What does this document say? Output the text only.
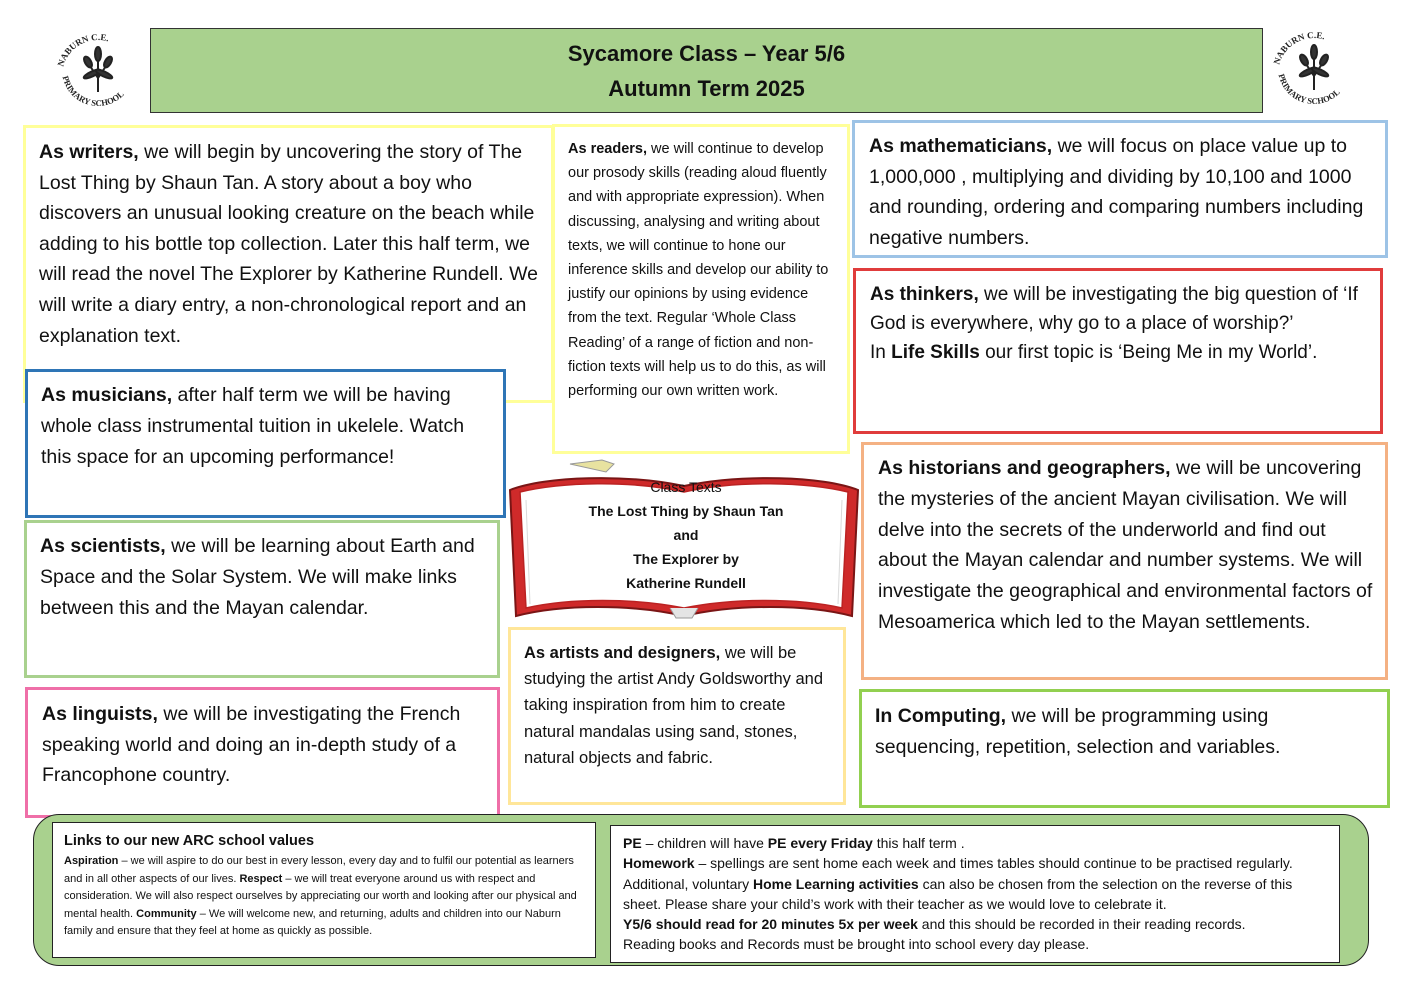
NABURN C.E.
PRIMARY SCHOOL
NABURN C.E.
PRIMARY SCHOOL
Sycamore Class – Year 5/6
Autumn Term 2025
As writers, we will begin by uncovering the story of The Lost Thing by Shaun Tan. A story about a boy who discovers an unusual looking creature on the beach while adding to his bottle top collection. Later this half term, we will read the novel The Explorer by Katherine Rundell. We will write a diary entry, a non-chronological report and an explanation text.
As readers, we will continue to develop our prosody skills (reading aloud fluently and with appropriate expression). When discussing, analysing and writing about texts, we will continue to hone our inference skills and develop our ability to justify our opinions by using evidence from the text. Regular ‘Whole Class Reading’ of a range of fiction and non-fiction texts will help us to do this, as will performing our own written work.
As mathematicians, we will focus on place value up to 1,000,000 , multiplying and dividing by 10,100 and 1000 and rounding, ordering and comparing numbers including negative numbers.
As thinkers, we will be investigating the big question of ‘If God is everywhere, why go to a place of worship?’
In Life Skills our first topic is ‘Being Me in my World’.
As musicians, after half term we will be having whole class instrumental tuition in ukelele. Watch this space for an upcoming performance!
Class Texts
The Lost Thing by Shaun Tan
and
The Explorer by
Katherine Rundell
As historians and geographers, we will be uncovering the mysteries of the ancient Mayan civilisation. We will delve into the secrets of the underworld and find out about the Mayan calendar and number systems. We will investigate the geographical and environmental factors of Mesoamerica which led to the Mayan settlements.
As scientists, we will be learning about Earth and Space and the Solar System. We will make links between this and the Mayan calendar.
As artists and designers, we will be studying the artist Andy Goldsworthy and taking inspiration from him to create natural mandalas using sand, stones, natural objects and fabric.
In Computing, we will be programming using sequencing, repetition, selection and variables.
As linguists, we will be investigating the French speaking world and doing an in-depth study of a Francophone country.
Links to our new ARC school values
Aspiration – we will aspire to do our best in every lesson, every day and to fulfil our potential as learners and in all other aspects of our lives. Respect – we will treat everyone around us with respect and consideration. We will also respect ourselves by appreciating our worth and looking after our physical and mental health. Community – We will welcome new, and returning, adults and children into our Naburn family and ensure that they feel at home as quickly as possible.
PE – children will have PE every Friday this half term .
Homework – spellings are sent home each week and times tables should continue to be practised regularly. Additional, voluntary Home Learning activities can also be chosen from the selection on the reverse of this sheet. Please share your child’s work with their teacher as we would love to celebrate it.
Y5/6 should read for 20 minutes 5x per week and this should be recorded in their reading records.
Reading books and Records must be brought into school every day please.
